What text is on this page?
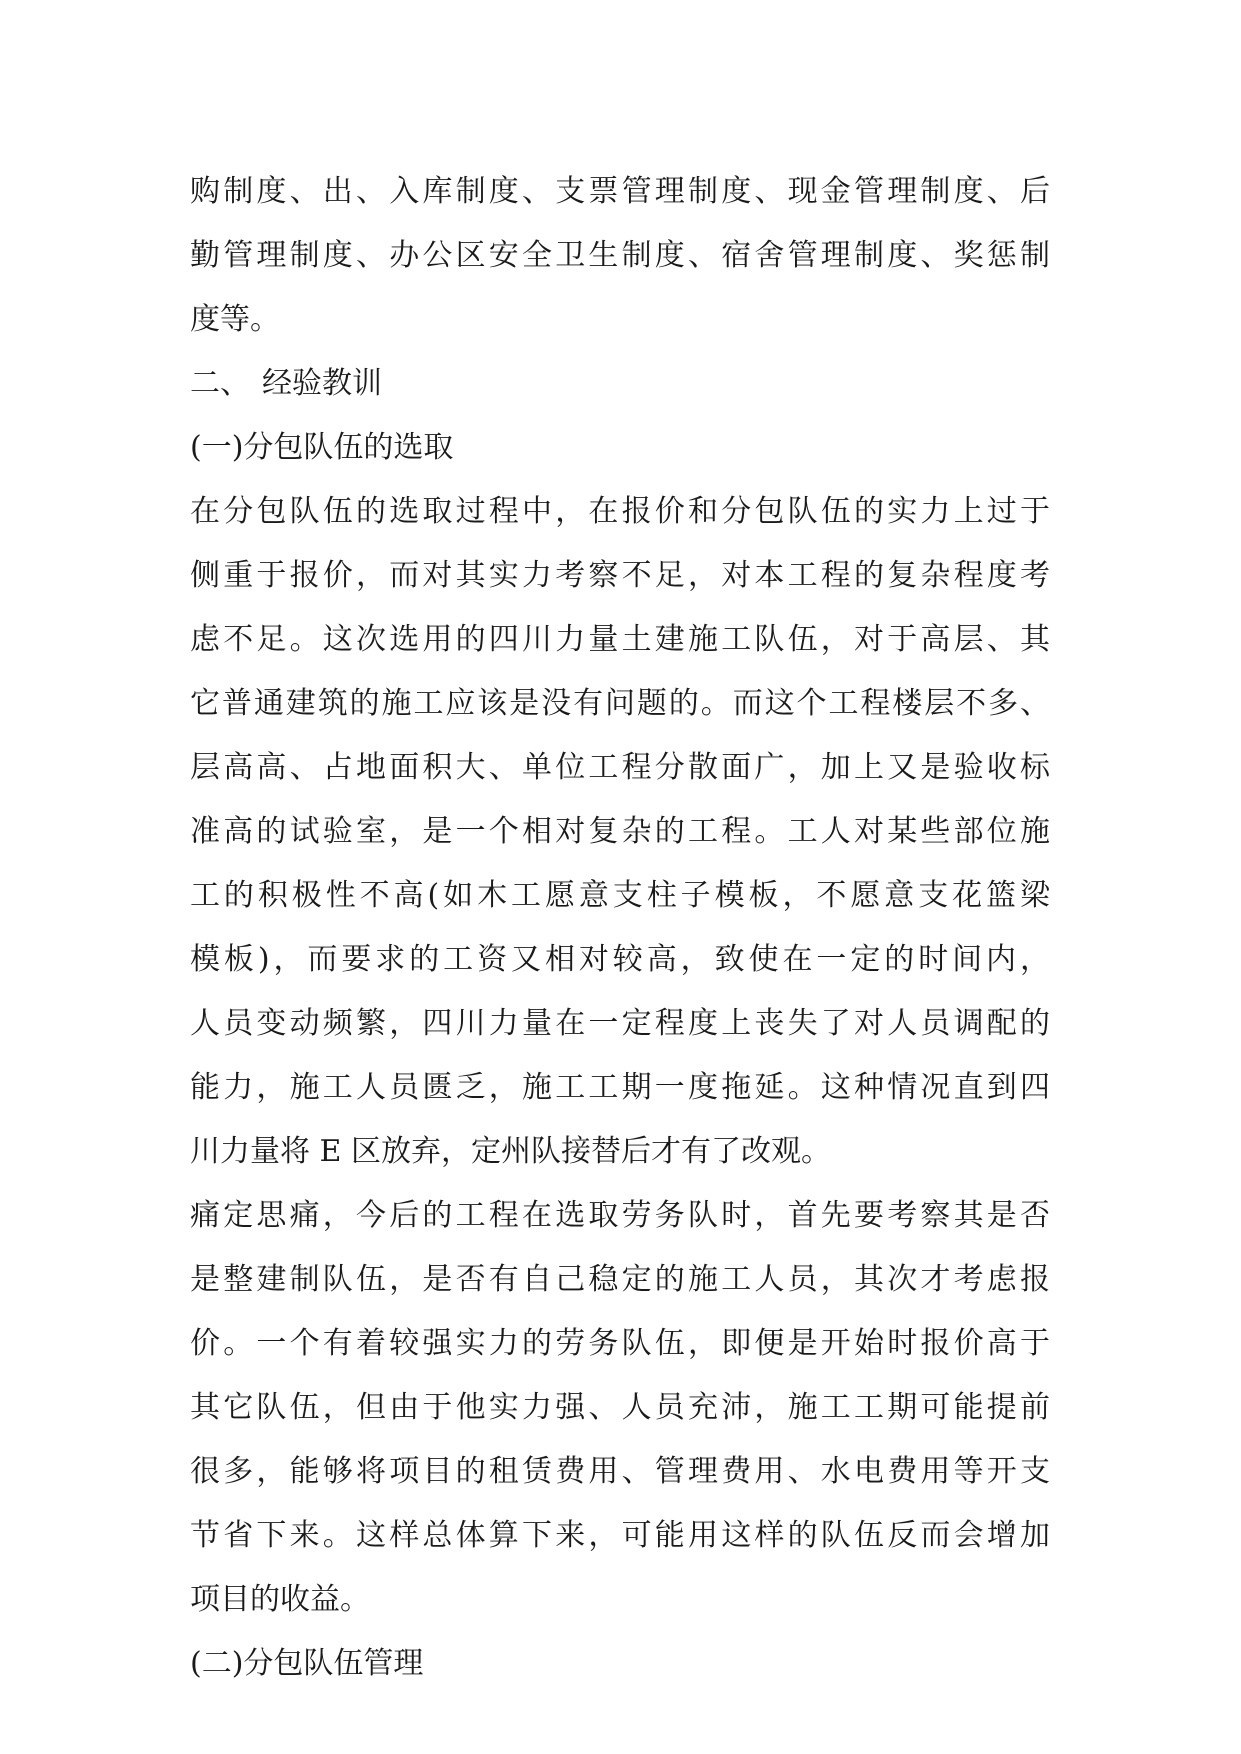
购制度、出、入库制度、支票管理制度、现金管理制度、后
勤管理制度、办公区安全卫生制度、宿舍管理制度、奖惩制
度等。
二、 经验教训
(一)分包队伍的选取
在分包队伍的选取过程中，在报价和分包队伍的实力上过于
侧重于报价，而对其实力考察不足，对本工程的复杂程度考
虑不足。这次选用的四川力量土建施工队伍，对于高层、其
它普通建筑的施工应该是没有问题的。而这个工程楼层不多、
层高高、占地面积大、单位工程分散面广，加上又是验收标
准高的试验室，是一个相对复杂的工程。工人对某些部位施
工的积极性不高(如木工愿意支柱子模板，不愿意支花篮梁
模板)，而要求的工资又相对较高，致使在一定的时间内，
人员变动频繁，四川力量在一定程度上丧失了对人员调配的
能力，施工人员匮乏，施工工期一度拖延。这种情况直到四
川力量将 E 区放弃，定州队接替后才有了改观。
痛定思痛，今后的工程在选取劳务队时，首先要考察其是否
是整建制队伍，是否有自己稳定的施工人员，其次才考虑报
价。一个有着较强实力的劳务队伍，即便是开始时报价高于
其它队伍，但由于他实力强、人员充沛，施工工期可能提前
很多，能够将项目的租赁费用、管理费用、水电费用等开支
节省下来。这样总体算下来，可能用这样的队伍反而会增加
项目的收益。
(二)分包队伍管理
